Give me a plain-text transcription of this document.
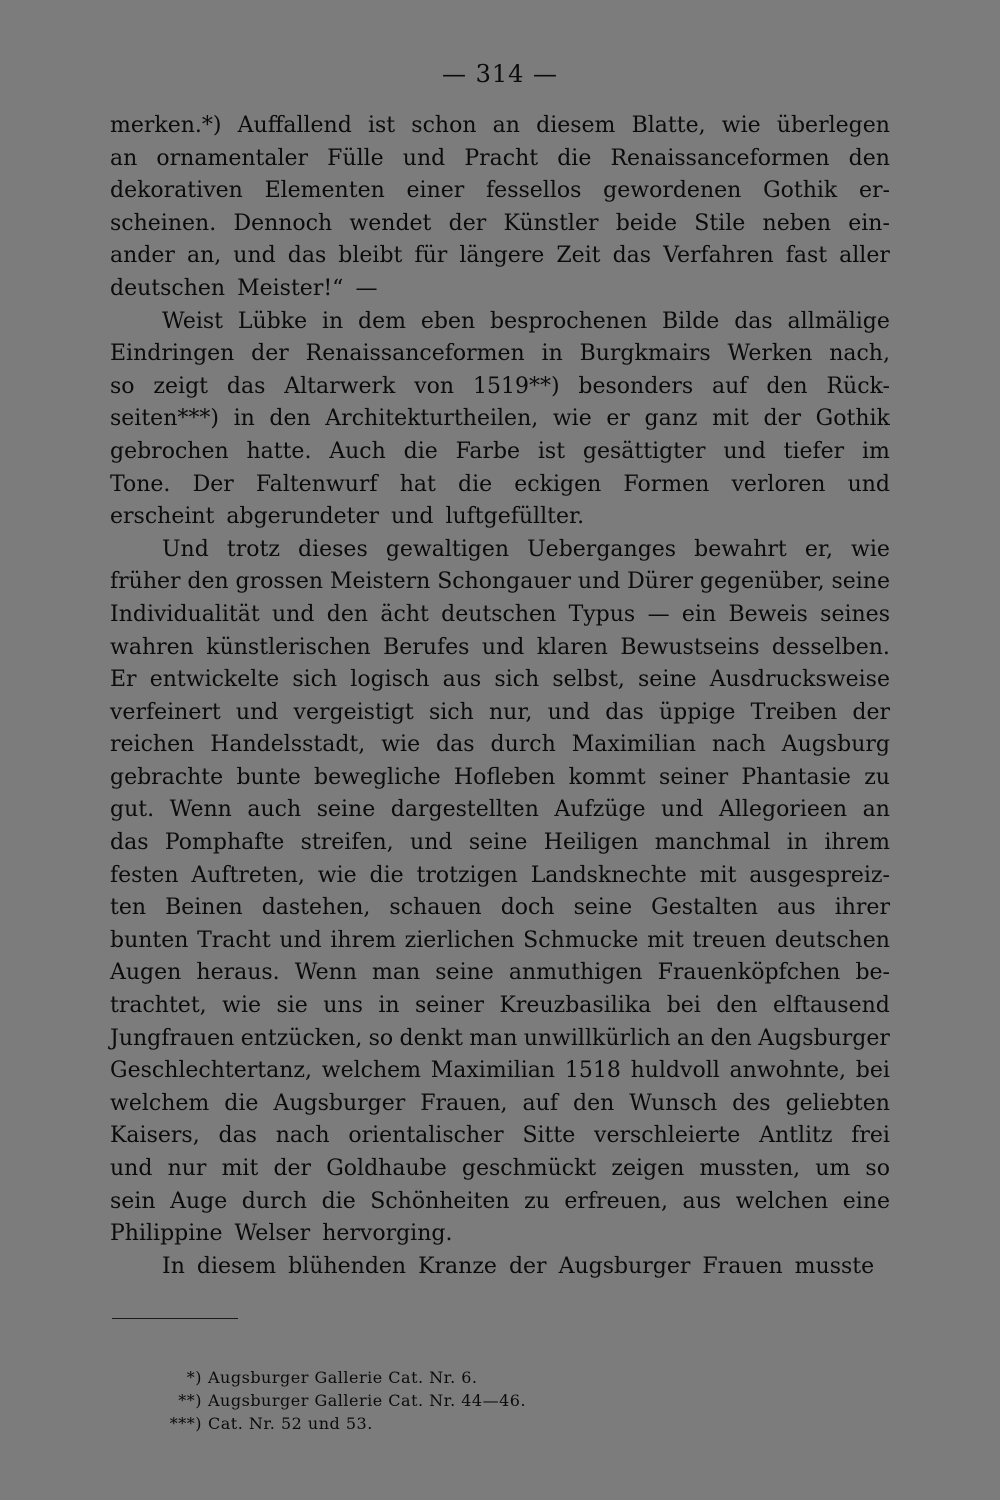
— 314 —
merken.*) Auffallend ist schon an diesem Blatte, wie überlegen
an ornamentaler Fülle und Pracht die Renaissanceformen den
dekorativen Elementen einer fessellos gewordenen Gothik er-
scheinen. Dennoch wendet der Künstler beide Stile neben ein-
ander an, und das bleibt für längere Zeit das Verfahren fast aller
deutschen Meister!“ —
Weist Lübke in dem eben besprochenen Bilde das allmälige
Eindringen der Renaissanceformen in Burgkmairs Werken nach,
so zeigt das Altarwerk von 1519**) besonders auf den Rück-
seiten***) in den Architekturtheilen, wie er ganz mit der Gothik
gebrochen hatte. Auch die Farbe ist gesättigter und tiefer im
Tone. Der Faltenwurf hat die eckigen Formen verloren und
erscheint abgerundeter und luftgefüllter.
Und trotz dieses gewaltigen Ueberganges bewahrt er, wie
früher den grossen Meistern Schongauer und Dürer gegenüber, seine
Individualität und den ächt deutschen Typus — ein Beweis seines
wahren künstlerischen Berufes und klaren Bewustseins desselben.
Er entwickelte sich logisch aus sich selbst, seine Ausdrucksweise
verfeinert und vergeistigt sich nur, und das üppige Treiben der
reichen Handelsstadt, wie das durch Maximilian nach Augsburg
gebrachte bunte bewegliche Hofleben kommt seiner Phantasie zu
gut. Wenn auch seine dargestellten Aufzüge und Allegorieen an
das Pomphafte streifen, und seine Heiligen manchmal in ihrem
festen Auftreten, wie die trotzigen Landsknechte mit ausgespreiz-
ten Beinen dastehen, schauen doch seine Gestalten aus ihrer
bunten Tracht und ihrem zierlichen Schmucke mit treuen deutschen
Augen heraus. Wenn man seine anmuthigen Frauenköpfchen be-
trachtet, wie sie uns in seiner Kreuzbasilika bei den elftausend
Jungfrauen entzücken, so denkt man unwillkürlich an den Augsburger
Geschlechtertanz, welchem Maximilian 1518 huldvoll anwohnte, bei
welchem die Augsburger Frauen, auf den Wunsch des geliebten
Kaisers, das nach orientalischer Sitte verschleierte Antlitz frei
und nur mit der Goldhaube geschmückt zeigen mussten, um so
sein Auge durch die Schönheiten zu erfreuen, aus welchen eine
Philippine Welser hervorging.
In diesem blühenden Kranze der Augsburger Frauen musste
*) Augsburger Gallerie Cat. Nr. 6.
**) Augsburger Gallerie Cat. Nr. 44—46.
***) Cat. Nr. 52 und 53.
